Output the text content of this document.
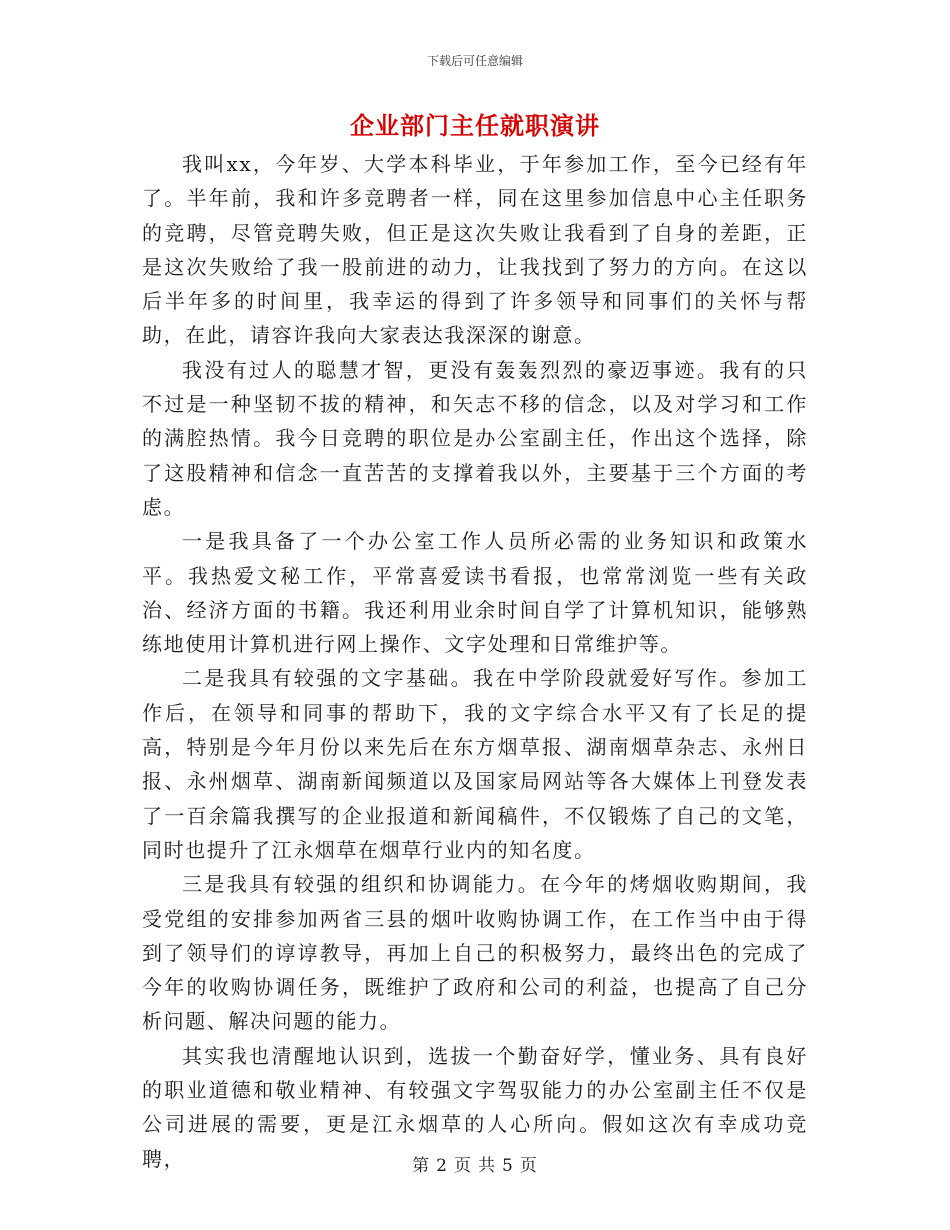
下载后可任意编辑
企业部门主任就职演讲

我叫xx，今年岁、大学本科毕业，于年参加工作，至今已经有年了。半年前，我和许多竞聘者一样，同在这里参加信息中心主任职务的竞聘，尽管竞聘失败，但正是这次失败让我看到了自身的差距，正是这次失败给了我一股前进的动力，让我找到了努力的方向。在这以后半年多的时间里，我幸运的得到了许多领导和同事们的关怀与帮助，在此，请容许我向大家表达我深深的谢意。

我没有过人的聪慧才智，更没有轰轰烈烈的豪迈事迹。我有的只不过是一种坚韧不拔的精神，和矢志不移的信念，以及对学习和工作的满腔热情。我今日竞聘的职位是办公室副主任，作出这个选择，除了这股精神和信念一直苦苦的支撑着我以外，主要基于三个方面的考虑。

一是我具备了一个办公室工作人员所必需的业务知识和政策水平。我热爱文秘工作，平常喜爱读书看报，也常常浏览一些有关政治、经济方面的书籍。我还利用业余时间自学了计算机知识，能够熟练地使用计算机进行网上操作、文字处理和日常维护等。

二是我具有较强的文字基础。我在中学阶段就爱好写作。参加工作后，在领导和同事的帮助下，我的文字综合水平又有了长足的提高，特别是今年月份以来先后在东方烟草报、湖南烟草杂志、永州日报、永州烟草、湖南新闻频道以及国家局网站等各大媒体上刊登发表了一百余篇我撰写的企业报道和新闻稿件，不仅锻炼了自己的文笔，同时也提升了江永烟草在烟草行业内的知名度。

三是我具有较强的组织和协调能力。在今年的烤烟收购期间，我受党组的安排参加两省三县的烟叶收购协调工作，在工作当中由于得到了领导们的谆谆教导，再加上自己的积极努力，最终出色的完成了今年的收购协调任务，既维护了政府和公司的利益，也提高了自己分析问题、解决问题的能力。

其实我也清醒地认识到，选拔一个勤奋好学，懂业务、具有良好的职业道德和敬业精神、有较强文字驾驭能力的办公室副主任不仅是公司进展的需要，更是江永烟草的人心所向。假如这次有幸成功竞聘，	第 2 页 共 5 页
